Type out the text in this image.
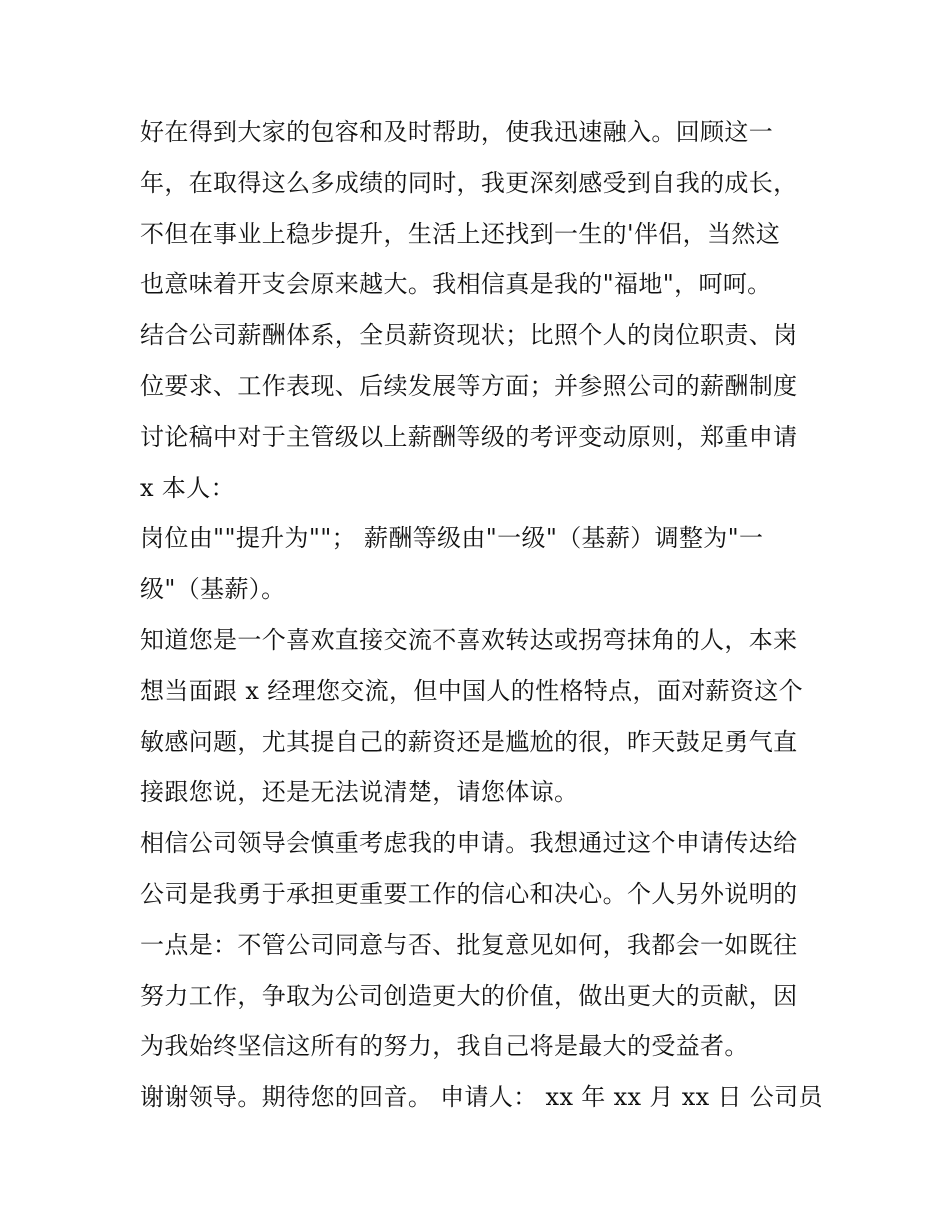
好在得到大家的包容和及时帮助，使我迅速融入。回顾这一
年，在取得这么多成绩的同时，我更深刻感受到自我的成长，
不但在事业上稳步提升，生活上还找到一生的'伴侣，当然这
也意味着开支会原来越大。我相信真是我的"福地"，呵呵。
结合公司薪酬体系，全员薪资现状；比照个人的岗位职责、岗
位要求、工作表现、后续发展等方面；并参照公司的薪酬制度
讨论稿中对于主管级以上薪酬等级的考评变动原则，郑重申请
x 本人：
岗位由""提升为""； 薪酬等级由"一级"（基薪）调整为"一
级"（基薪）。
知道您是一个喜欢直接交流不喜欢转达或拐弯抹角的人，本来
想当面跟 x 经理您交流，但中国人的性格特点，面对薪资这个
敏感问题，尤其提自己的薪资还是尴尬的很，昨天鼓足勇气直
接跟您说，还是无法说清楚，请您体谅。
相信公司领导会慎重考虑我的申请。我想通过这个申请传达给
公司是我勇于承担更重要工作的信心和决心。个人另外说明的
一点是：不管公司同意与否、批复意见如何，我都会一如既往
努力工作，争取为公司创造更大的价值，做出更大的贡献，因
为我始终坚信这所有的努力，我自己将是最大的受益者。
谢谢领导。期待您的回音。 申请人： xx 年 xx 月 xx 日 公司员
